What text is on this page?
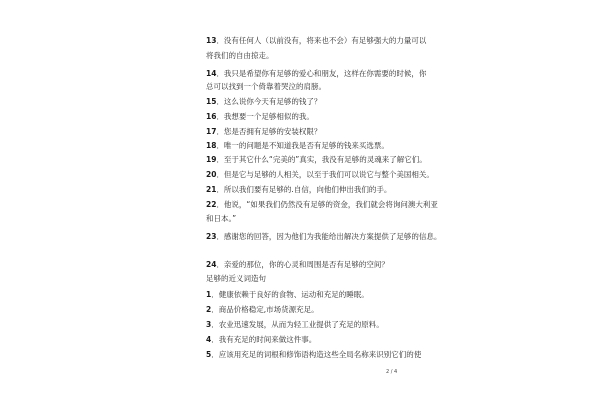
13．没有任何人（以前没有，将来也不会）有足够强大的力量可以
将我们的自由掠走。
14．我只是希望你有足够的爱心和朋友，这样在你需要的时候，你
总可以找到一个倚靠着哭泣的肩膀。
15．这么说你今天有足够的钱了？
16．我想要一个足够相似的我。
17．您是否拥有足够的安装权限？
18．唯一的问题是不知道我是否有足够的钱来买选票。
19．至于其它什么“完美的”真实，我没有足够的灵魂来了解它们。
20．但是它与足够的人相关，以至于我们可以说它与整个美国相关。
21．所以我们要有足够的.自信，向他们伸出我们的手。
22．他说，“如果我们仍然没有足够的资金，我们就会将询问澳大利亚
和日本。”
23．感谢您的回答，因为他们为我能给出解决方案提供了足够的信息。
24．亲爱的那位，你的心灵和周围是否有足够的空间？
足够的近义词造句
1．健康依赖于良好的食物、运动和充足的睡眠。
2．商品价格稳定,市场货源充足。
3．农业迅速发展，从而为轻工业提供了充足的原料。
4．我有充足的时间来做这件事。
5．应该用充足的词根和修饰语构造这些全局名称来识别它们的使
2 / 4
